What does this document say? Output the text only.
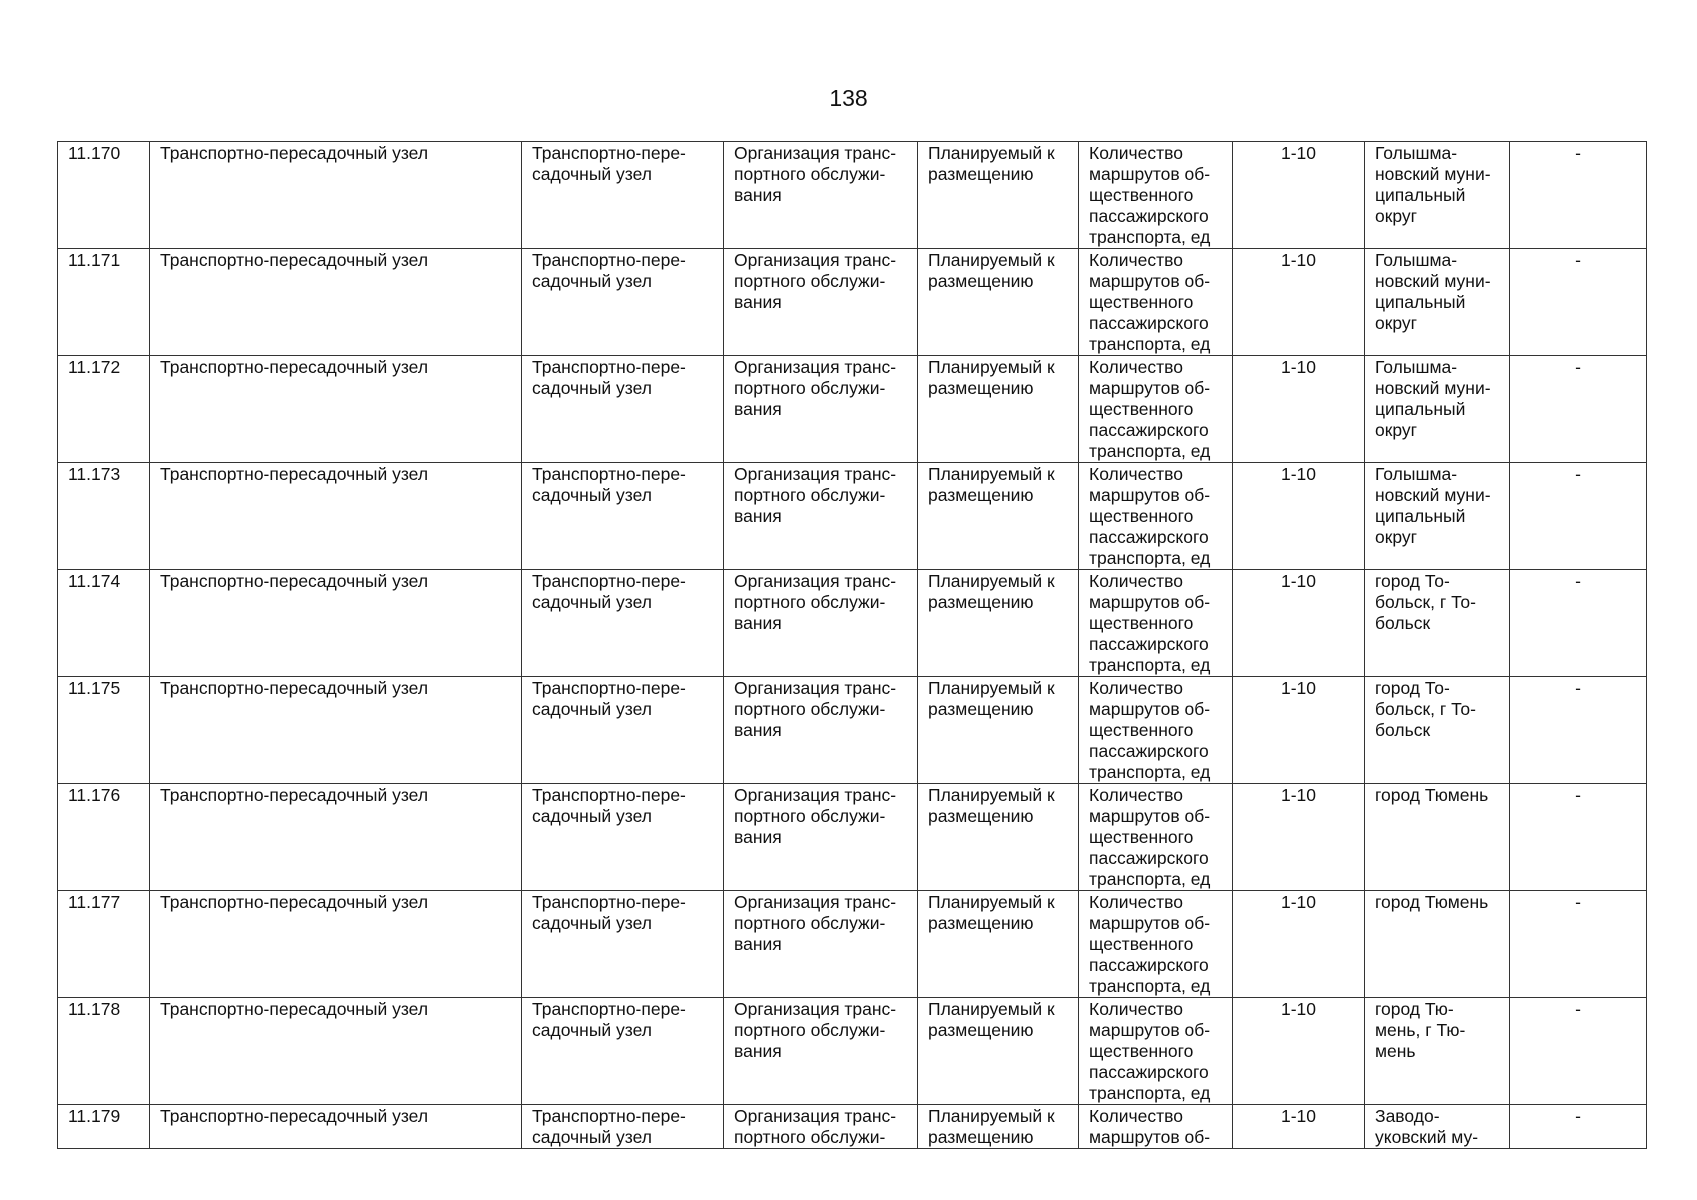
138
11.170	Транспортно-пересадочный узел	Транспортно-пере-
садочный узел	Организация транс-
портного обслужи-
вания	Планируемый к
размещению	Количество
маршрутов об-
щественного
пассажирского
транспорта, ед	1-10	Голышма-
новский муни-
ципальный
округ	-
11.171	Транспортно-пересадочный узел	Транспортно-пере-
садочный узел	Организация транс-
портного обслужи-
вания	Планируемый к
размещению	Количество
маршрутов об-
щественного
пассажирского
транспорта, ед	1-10	Голышма-
новский муни-
ципальный
округ	-
11.172	Транспортно-пересадочный узел	Транспортно-пере-
садочный узел	Организация транс-
портного обслужи-
вания	Планируемый к
размещению	Количество
маршрутов об-
щественного
пассажирского
транспорта, ед	1-10	Голышма-
новский муни-
ципальный
округ	-
11.173	Транспортно-пересадочный узел	Транспортно-пере-
садочный узел	Организация транс-
портного обслужи-
вания	Планируемый к
размещению	Количество
маршрутов об-
щественного
пассажирского
транспорта, ед	1-10	Голышма-
новский муни-
ципальный
округ	-
11.174	Транспортно-пересадочный узел	Транспортно-пере-
садочный узел	Организация транс-
портного обслужи-
вания	Планируемый к
размещению	Количество
маршрутов об-
щественного
пассажирского
транспорта, ед	1-10	город То-
больск, г То-
больск	-
11.175	Транспортно-пересадочный узел	Транспортно-пере-
садочный узел	Организация транс-
портного обслужи-
вания	Планируемый к
размещению	Количество
маршрутов об-
щественного
пассажирского
транспорта, ед	1-10	город То-
больск, г То-
больск	-
11.176	Транспортно-пересадочный узел	Транспортно-пере-
садочный узел	Организация транс-
портного обслужи-
вания	Планируемый к
размещению	Количество
маршрутов об-
щественного
пассажирского
транспорта, ед	1-10	город Тюмень	-
11.177	Транспортно-пересадочный узел	Транспортно-пере-
садочный узел	Организация транс-
портного обслужи-
вания	Планируемый к
размещению	Количество
маршрутов об-
щественного
пассажирского
транспорта, ед	1-10	город Тюмень	-
11.178	Транспортно-пересадочный узел	Транспортно-пере-
садочный узел	Организация транс-
портного обслужи-
вания	Планируемый к
размещению	Количество
маршрутов об-
щественного
пассажирского
транспорта, ед	1-10	город Тю-
мень, г Тю-
мень	-
11.179	Транспортно-пересадочный узел	Транспортно-пере-
садочный узел	Организация транс-
портного обслужи-	Планируемый к
размещению	Количество
маршрутов об-	1-10	Заводо-
уковский му-	-
